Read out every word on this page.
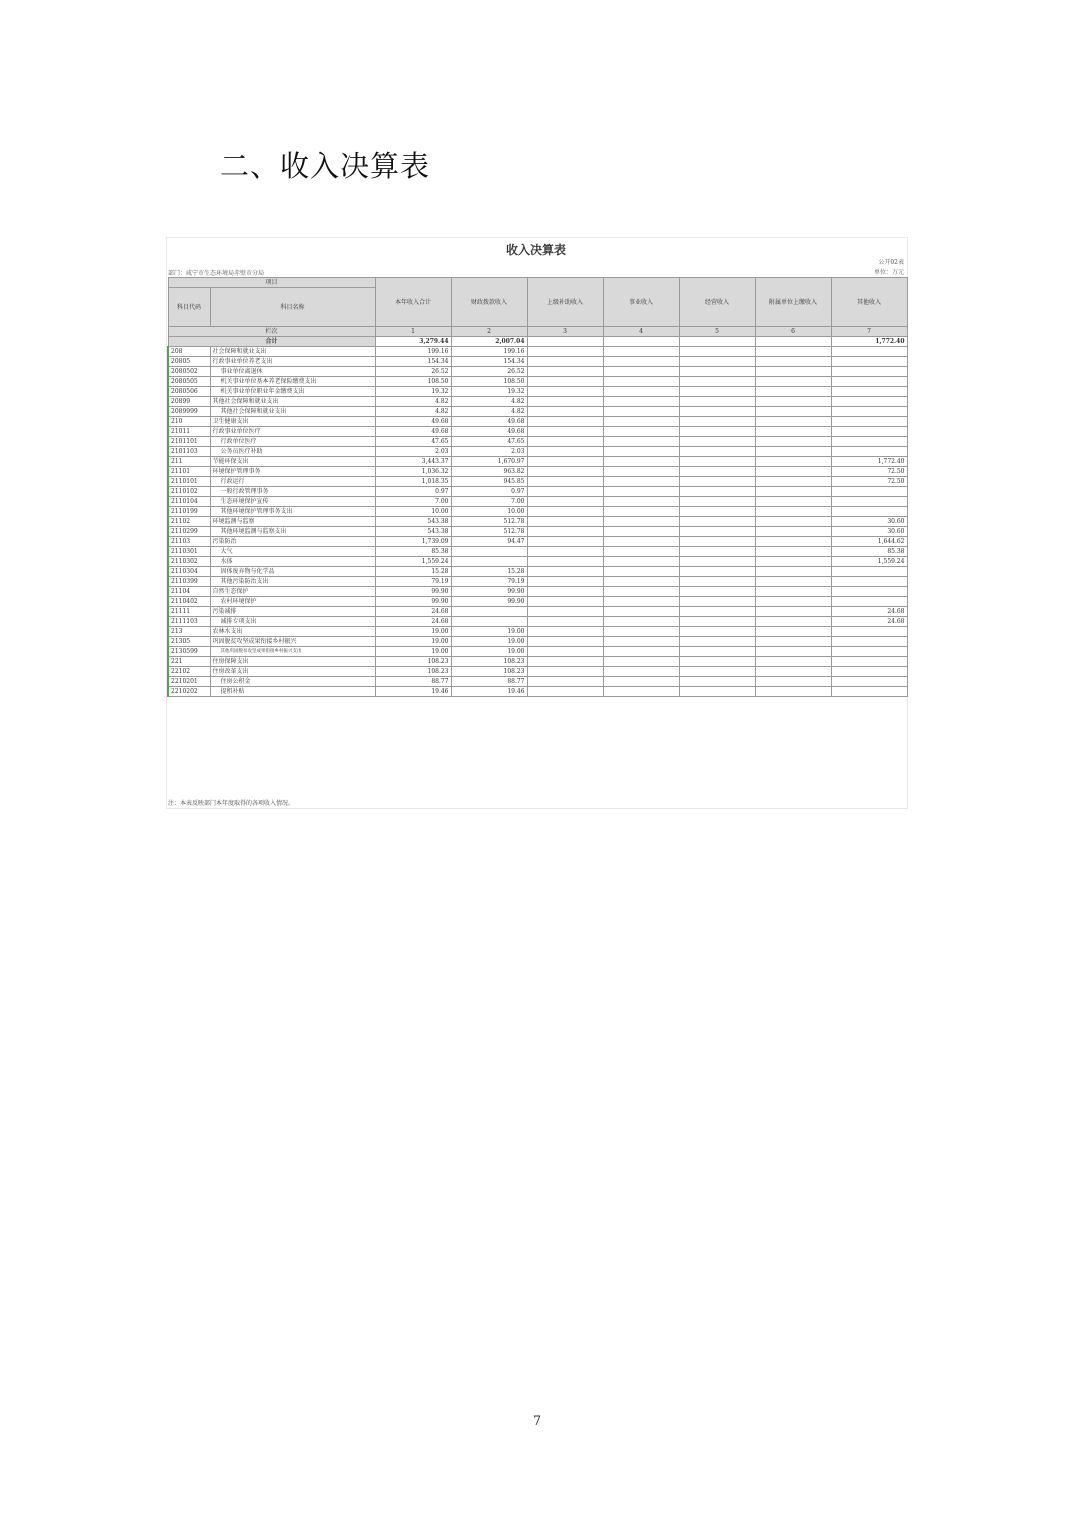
二、收入决算表
收入决算表
公开02表
部门：咸宁市生态环境局赤壁市分局	单位：万元
项目		本年收入合计	财政拨款收入	上级补助收入	事业收入	经营收入	附属单位上缴收入	其他收入
科目代码	科目名称							
栏次		1	2	3	4	5	6	7
合计		3,279.44	2,007.04					1,772.40
208	社会保障和就业支出	199.16	199.16					
20805	行政事业单位养老支出	154.34	154.34					
2080502	事业单位离退休	26.52	26.52					
2080505	机关事业单位基本养老保险缴费支出	108.50	108.50					
2080506	机关事业单位职业年金缴费支出	19.32	19.32					
20899	其他社会保障和就业支出	4.82	4.82					
2089999	其他社会保障和就业支出	4.82	4.82					
210	卫生健康支出	49.68	49.68					
21011	行政事业单位医疗	49.68	49.68					
2101101	行政单位医疗	47.65	47.65					
2101103	公务员医疗补助	2.03	2.03					
211	节能环保支出	3,443.37	1,670.97					1,772.40
21101	环境保护管理事务	1,036.32	963.82					72.50
2110101	行政运行	1,018.35	945.85					72.50
2110102	一般行政管理事务	0.97	0.97					
2110104	生态环境保护宣传	7.00	7.00					
2110199	其他环境保护管理事务支出	10.00	10.00					
21102	环境监测与监察	543.38	512.78					30.60
2110299	其他环境监测与监察支出	543.38	512.78					30.60
21103	污染防治	1,739.09	94.47					1,644.62
2110301	大气	85.38						85.38
2110302	水体	1,559.24						1,559.24
2110304	固体废弃物与化学品	15.28	15.28					
2110399	其他污染防治支出	79.19	79.19					
21104	自然生态保护	99.90	99.90					
2110402	农村环境保护	99.90	99.90					
21111	污染减排	24.68						24.68
2111103	减排专项支出	24.68						24.68
213	农林水支出	19.00	19.00					
21305	巩固脱贫攻坚成果衔接乡村振兴	19.00	19.00					
2130599	其他巩固脱贫攻坚成果衔接乡村振兴支出	19.00	19.00					
221	住房保障支出	108.23	108.23					
22102	住房改革支出	108.23	108.23					
2210201	住房公积金	88.77	88.77					
2210202	提租补贴	19.46	19.46					
注：本表反映部门本年度取得的各项收入情况。
7
